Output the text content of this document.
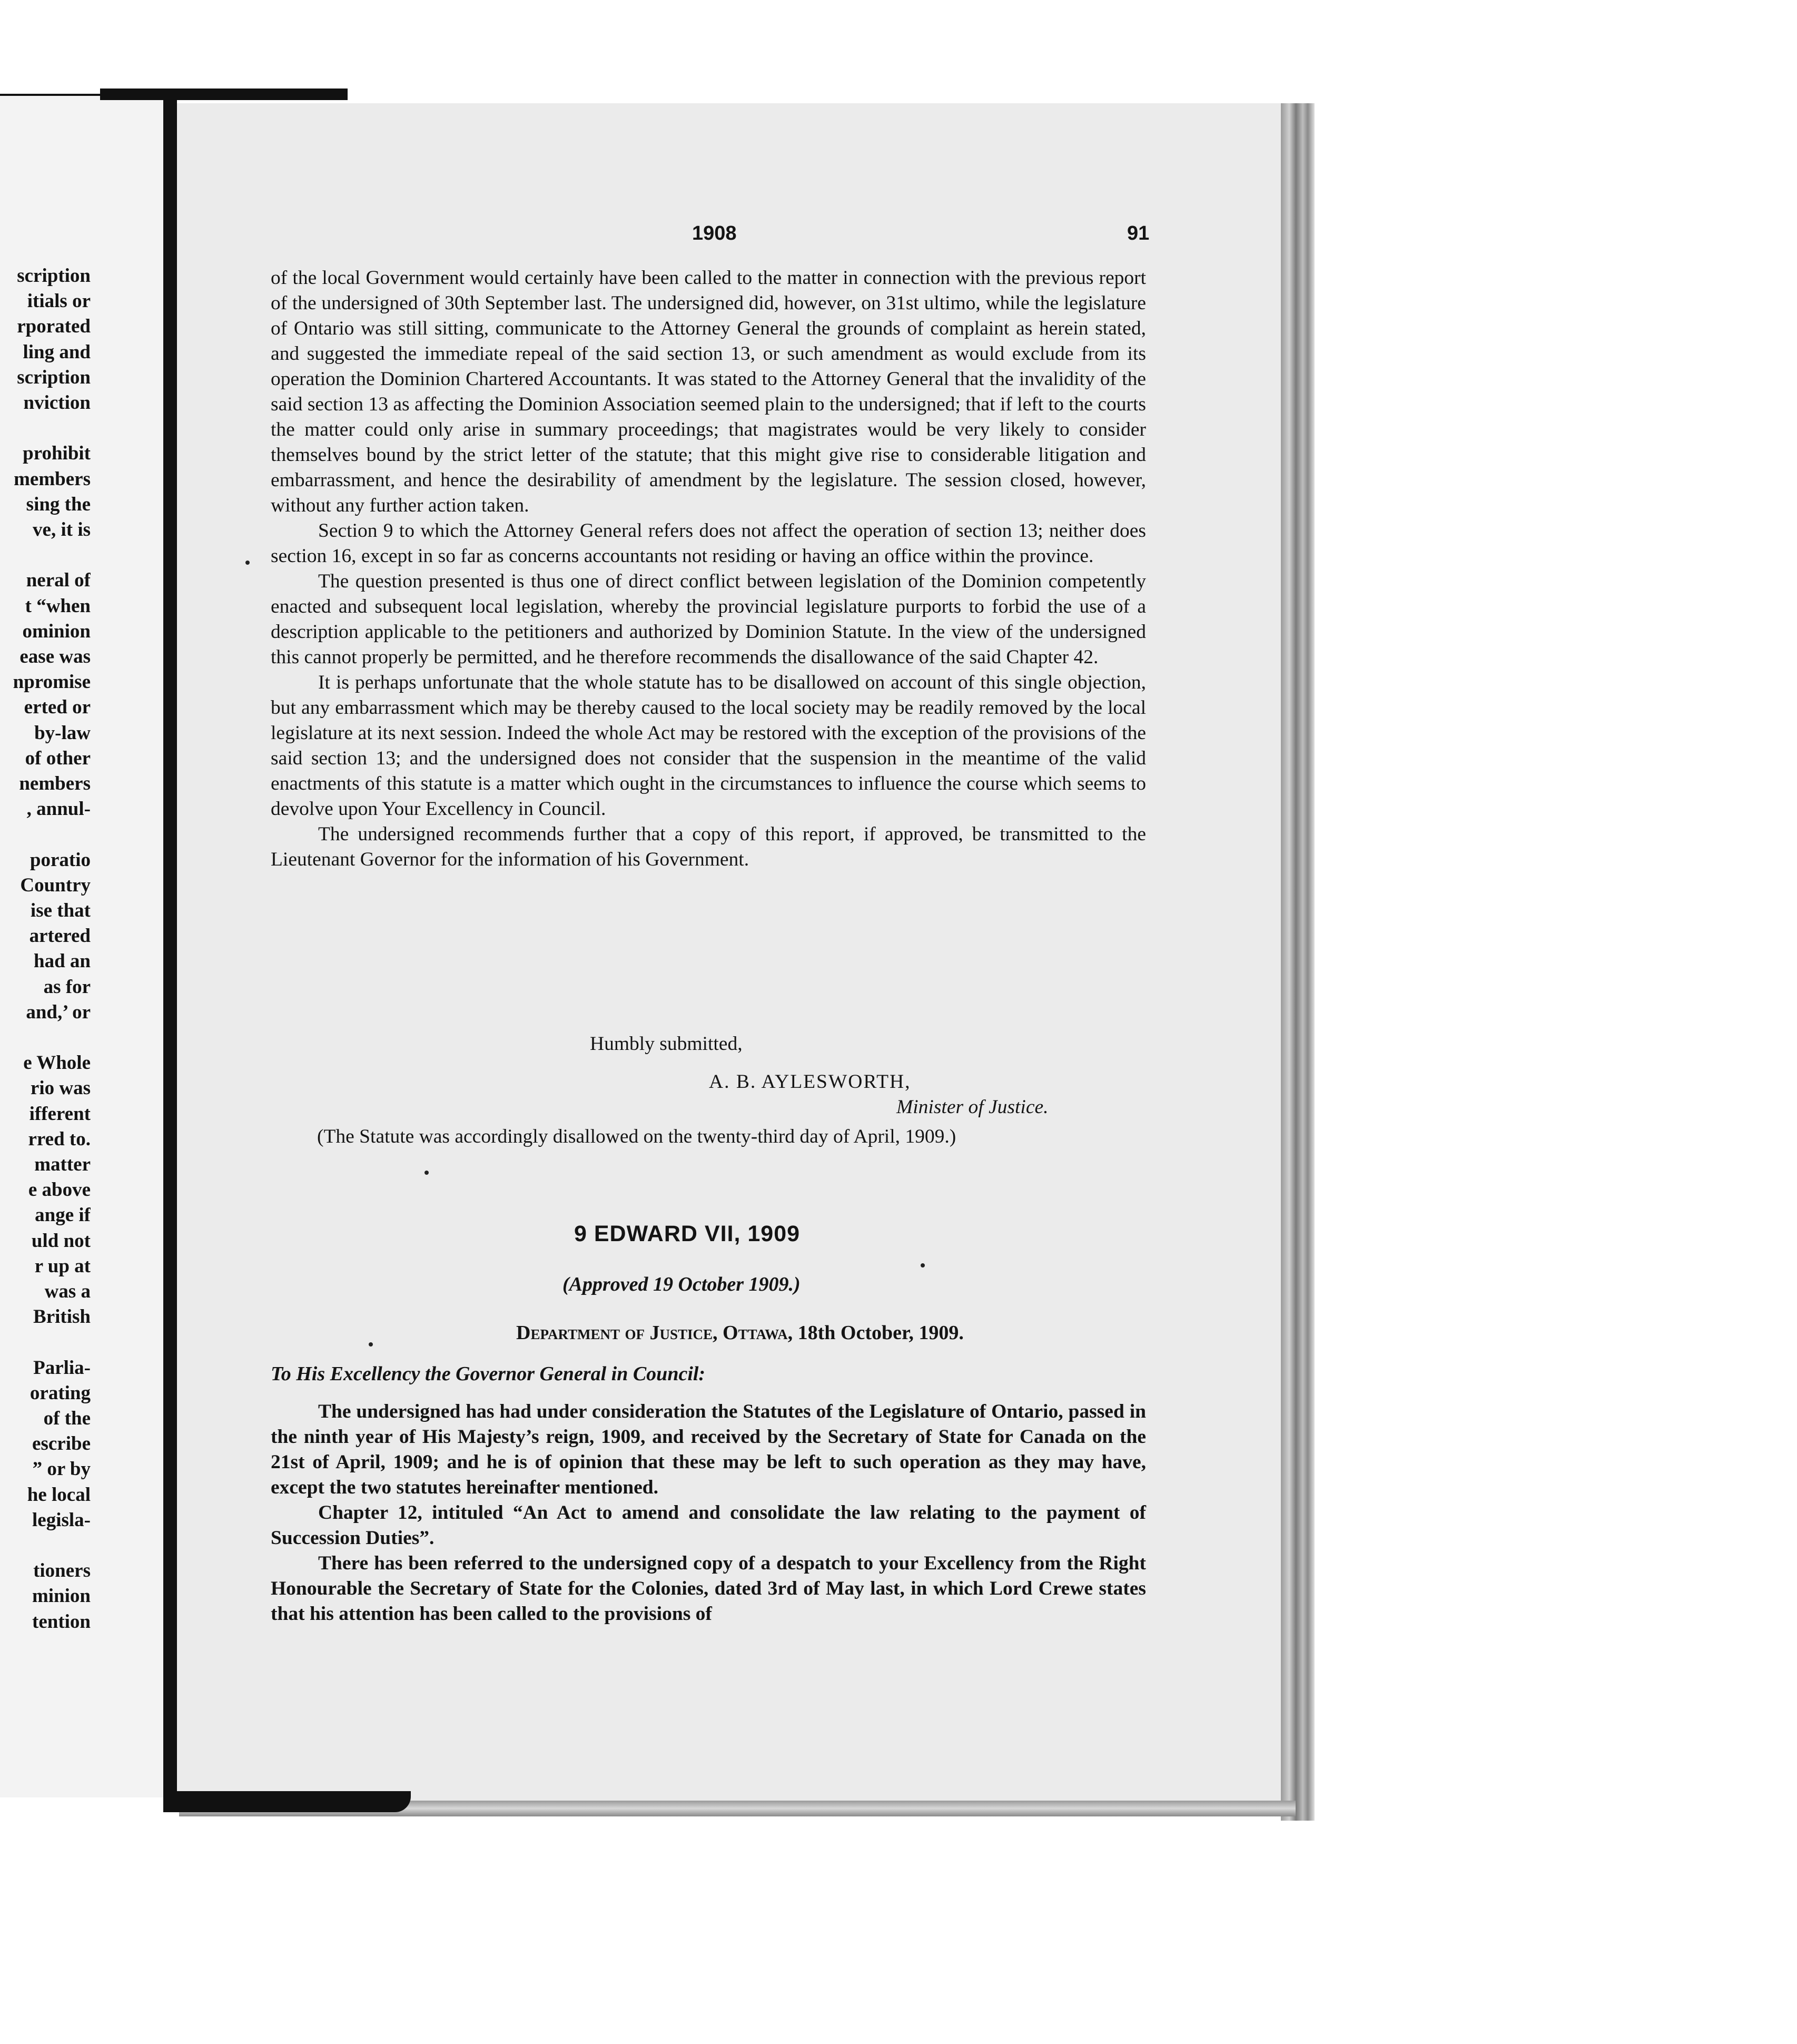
scription
itials or
rporated
ling and
scription
nviction
prohibit
members
sing the
ve, it is
neral of
t “when
ominion
ease was
npromise
erted or
by-law
of other
nembers
, annul-
poratio
Country
ise that
artered
had an
as for
and,’ or
e Whole
rio was
ifferent
rred to.
matter
e above
ange if
uld not
r up at
was a
British
Parlia-
orating
of the
escribe
” or by
he local
legisla-
tioners
minion
tention
1908	91

of the local Government would certainly have been called to the matter in connection with the previous report of the undersigned of 30th September last. The undersigned did, however, on 31st ultimo, while the legislature of Ontario was still sitting, communicate to the Attorney General the grounds of complaint as herein stated, and suggested the immediate repeal of the said section 13, or such amendment as would exclude from its operation the Dominion Chartered Accountants. It was stated to the Attorney General that the invalidity of the said section 13 as affecting the Dominion Association seemed plain to the undersigned; that if left to the courts the matter could only arise in summary proceedings; that magistrates would be very likely to consider themselves bound by the strict letter of the statute; that this might give rise to considerable litigation and embarrassment, and hence the desirability of amendment by the legislature. The session closed, however, without any further action taken.

Section 9 to which the Attorney General refers does not affect the operation of section 13; neither does section 16, except in so far as concerns accountants not residing or having an office within the province.

The question presented is thus one of direct conflict between legislation of the Dominion competently enacted and subsequent local legislation, whereby the provincial legislature purports to forbid the use of a description applicable to the petitioners and authorized by Dominion Statute. In the view of the undersigned this cannot properly be permitted, and he therefore recommends the disallowance of the said Chapter 42.

It is perhaps unfortunate that the whole statute has to be disallowed on account of this single objection, but any embarrassment which may be thereby caused to the local society may be readily removed by the local legislature at its next session. Indeed the whole Act may be restored with the exception of the provisions of the said section 13; and the undersigned does not consider that the suspension in the meantime of the valid enactments of this statute is a matter which ought in the circumstances to influence the course which seems to devolve upon Your Excellency in Council.

The undersigned recommends further that a copy of this report, if approved, be transmitted to the Lieutenant Governor for the information of his Government.

Humbly submitted,
A. B. AYLESWORTH,
Minister of Justice.
(The Statute was accordingly disallowed on the twenty-third day of April, 1909.)
9 EDWARD VII, 1909
(Approved 19 October 1909.)
Department of Justice, Ottawa, 18th October, 1909.
To His Excellency the Governor General in Council:

The undersigned has had under consideration the Statutes of the Legislature of Ontario, passed in the ninth year of His Majesty’s reign, 1909, and received by the Secretary of State for Canada on the 21st of April, 1909; and he is of opinion that these may be left to such operation as they may have, except the two statutes hereinafter mentioned.

Chapter 12, intituled “An Act to amend and consolidate the law relating to the payment of Succession Duties”.

There has been referred to the undersigned copy of a despatch to your Excellency from the Right Honourable the Secretary of State for the Colonies, dated 3rd of May last, in which Lord Crewe states that his attention has been called to the provisions of
